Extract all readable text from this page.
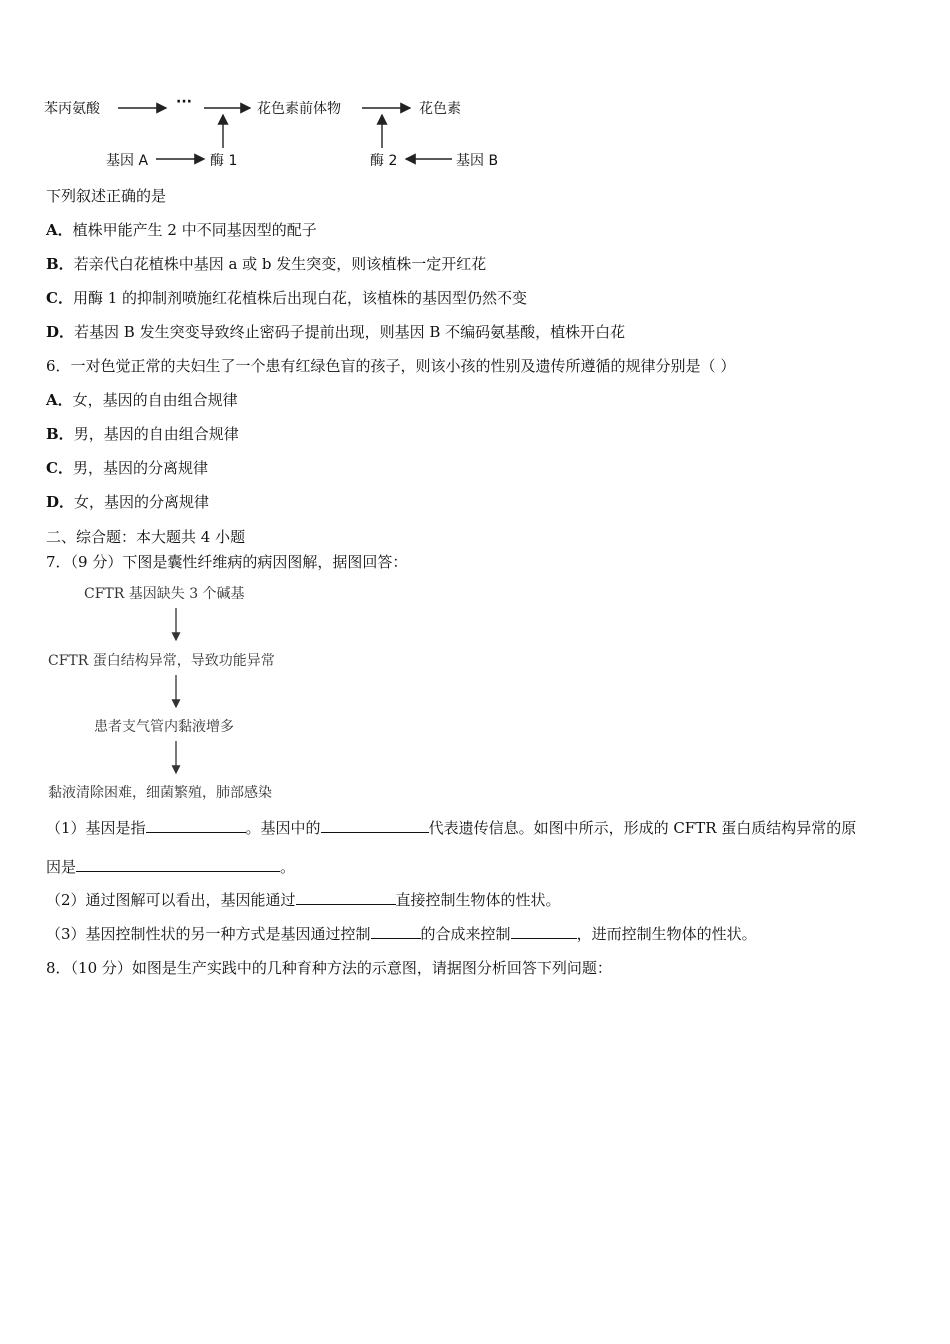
苯丙氨酸	···	花色素前体物	花色素
基因 A	酶 1	酶 2	基因 B
下列叙述正确的是
A．植株甲能产生 2 中不同基因型的配子
B．若亲代白花植株中基因 a 或 b 发生突变，则该植株一定开红花
C．用酶 1 的抑制剂喷施红花植株后出现白花，该植株的基因型仍然不变
D．若基因 B 发生突变导致终止密码子提前出现，则基因 B 不编码氨基酸，植株开白花
6．一对色觉正常的夫妇生了一个患有红绿色盲的孩子，则该小孩的性别及遗传所遵循的规律分别是（ ）
A．女，基因的自由组合规律
B．男，基因的自由组合规律
C．男，基因的分离规律
D．女，基因的分离规律
二、综合题：本大题共 4 小题
7．（9 分）下图是囊性纤维病的病因图解，据图回答：
CFTR 基因缺失 3 个碱基
CFTR 蛋白结构异常，导致功能异常
患者支气管内黏液增多
黏液清除困难，细菌繁殖，肺部感染
（1）基因是指	。基因中的	代表遗传信息。如图中所示，形成的 CFTR 蛋白质结构异常的原
因是	。
（2）通过图解可以看出，基因能通过	直接控制生物体的性状。
（3）基因控制性状的另一种方式是基因通过控制	的合成来控制	，进而控制生物体的性状。
8．（10 分）如图是生产实践中的几种育种方法的示意图，请据图分析回答下列问题：
